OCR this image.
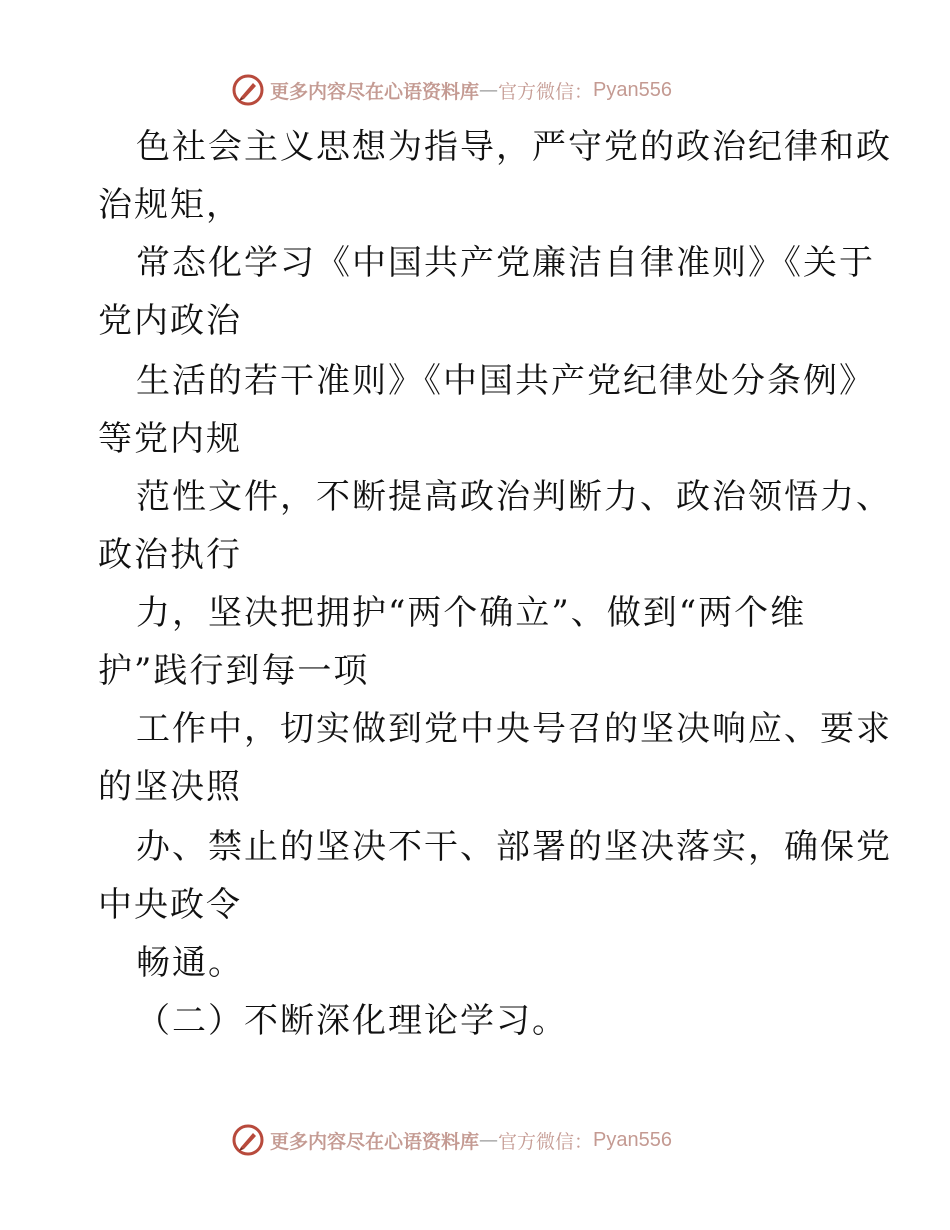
更多内容尽在心语资料库 — 官方微信： Pyan556
色社会主义思想为指导，严守党的政治纪律和政
治规矩，
常态化学习《中国共产党廉洁自律准则》《关于
党内政治
生活的若干准则》《中国共产党纪律处分条例》
等党内规
范性文件，不断提高政治判断力、政治领悟力、
政治执行
力，坚决把拥护“两个确立”、做到“两个维
护”践行到每一项
工作中，切实做到党中央号召的坚决响应、要求
的坚决照
办、禁止的坚决不干、部署的坚决落实，确保党
中央政令
畅通。
（二）不断深化理论学习。
更多内容尽在心语资料库 — 官方微信： Pyan556
